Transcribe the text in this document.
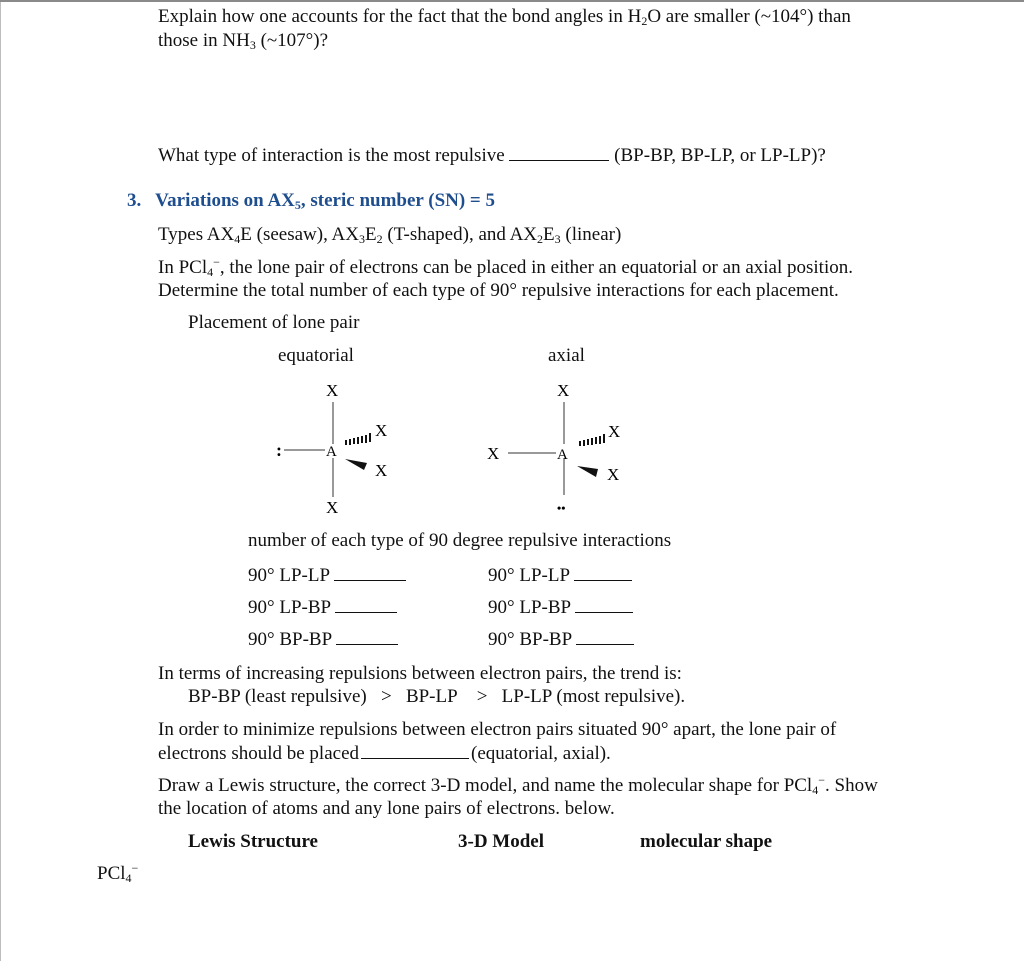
Explain how one accounts for the fact that the bond angles in $H_2O$ are smaller (~104°) than
those in $NH_3$ (~107°)?
What type of interaction is the most repulsive	(BP-BP, BP-LP, or LP-LP)?
3. Variations on $AX_5$, steric number (SN) = 5
Types $AX_4E$ (seesaw), $AX_3E_2$ (T-shaped), and $AX_2E_3$ (linear)
In PCl$_4$−, the lone pair of electrons can be placed in either an equatorial or an axial position.
Determine the total number of each type of 90° repulsive interactions for each placement.
Placement of lone pair
equatorial	axial
X
X
:	A
X
X
X
••
X	A
X
X
number of each type of 90 degree repulsive interactions
90° LP-LP	90° LP-LP
90° LP-BP	90° LP-BP
90° BP-BP	90° BP-BP
In terms of increasing repulsions between electron pairs, the trend is:
BP-BP (least repulsive) > BP-LP > LP-LP (most repulsive).
In order to minimize repulsions between electron pairs situated 90° apart, the lone pair of
electrons should be placed	(equatorial, axial).
Draw a Lewis structure, the correct 3-D model, and name the molecular shape for PCl$_4$−. Show
the location of atoms and any lone pairs of electrons. below.
Lewis Structure	3-D Model	molecular shape
PCl$_4$−
